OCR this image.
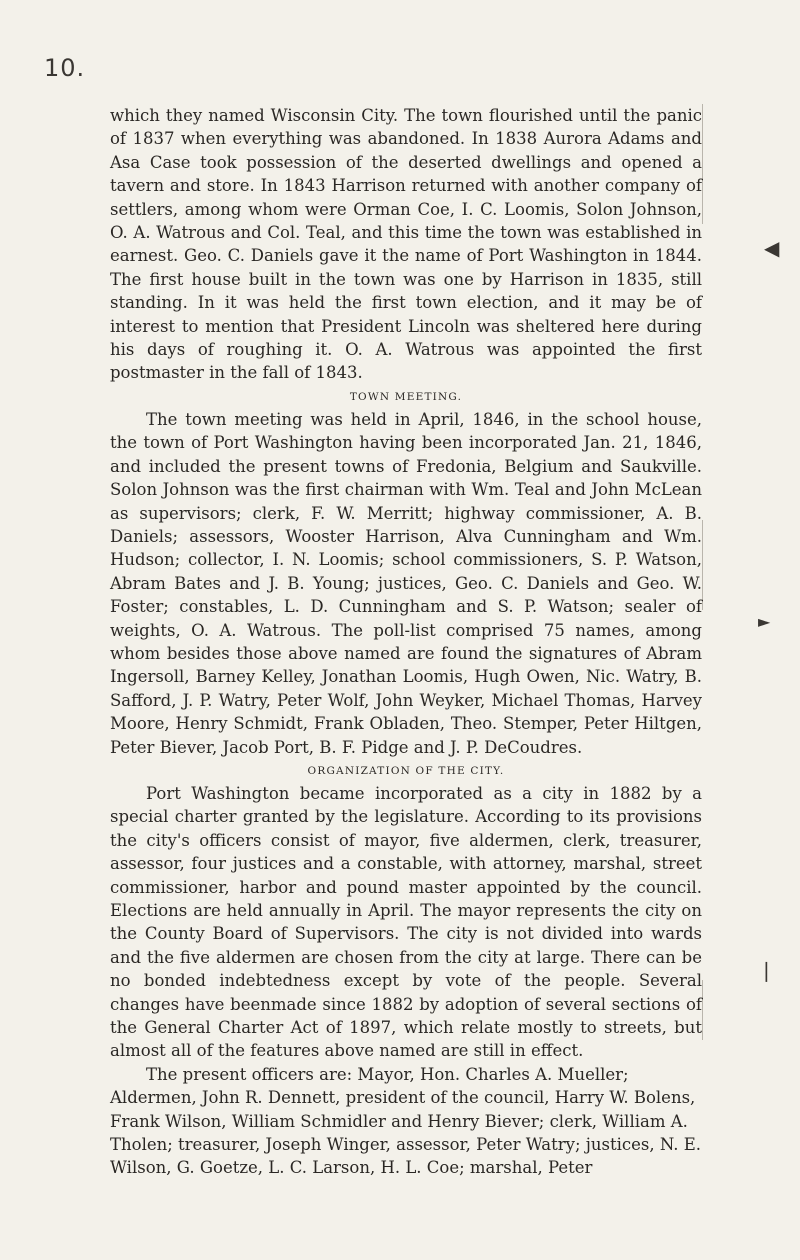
10.
◀
►
❘

which they named Wisconsin City. The town flourished until the panic of 1837 when everything was abandoned. In 1838 Aurora Adams and Asa Case took possession of the deserted dwellings and opened a tavern and store. In 1843 Harrison returned with another company of settlers, among whom were Orman Coe, I. C. Loomis, Solon Johnson, O. A. Watrous and Col. Teal, and this time the town was established in earnest. Geo. C. Daniels gave it the name of Port Washington in 1844. The first house built in the town was one by Harrison in 1835, still standing. In it was held the first town election, and it may be of interest to mention that President Lincoln was sheltered here during his days of roughing it. O. A. Watrous was appointed the first postmaster in the fall of 1843.

TOWN MEETING.

The town meeting was held in April, 1846, in the school house, the town of Port Washington having been incorporated Jan. 21, 1846, and included the present towns of Fredonia, Belgium and Saukville. Solon Johnson was the first chairman with Wm. Teal and John McLean as supervisors; clerk, F. W. Merritt; highway commissioner, A. B. Daniels; assessors, Wooster Harrison, Alva Cunningham and Wm. Hudson; collector, I. N. Loomis; school commissioners, S. P. Watson, Abram Bates and J. B. Young; justices, Geo. C. Daniels and Geo. W. Foster; constables, L. D. Cunningham and S. P. Watson; sealer of weights, O. A. Watrous. The poll-list comprised 75 names, among whom besides those above named are found the signatures of Abram Ingersoll, Barney Kelley, Jonathan Loomis, Hugh Owen, Nic. Watry, B. Safford, J. P. Watry, Peter Wolf, John Weyker, Michael Thomas, Harvey Moore, Henry Schmidt, Frank Obladen, Theo. Stemper, Peter Hiltgen, Peter Biever, Jacob Port, B. F. Pidge and J. P. DeCoudres.

ORGANIZATION OF THE CITY.

Port Washington became incorporated as a city in 1882 by a special charter granted by the legislature. According to its provisions the city's officers consist of mayor, five aldermen, clerk, treasurer, assessor, four justices and a constable, with attorney, marshal, street commissioner, harbor and pound master appointed by the council. Elections are held annually in April. The mayor represents the city on the County Board of Supervisors. The city is not divided into wards and the five aldermen are chosen from the city at large. There can be no bonded indebtedness except by vote of the people. Several changes have beenmade since 1882 by adoption of several sections of the General Charter Act of 1897, which relate mostly to streets, but almost all of the features above named are still in effect.

The present officers are: Mayor, Hon. Charles A. Mueller; Aldermen, John R. Dennett, president of the council, Harry W. Bolens, Frank Wilson, William Schmidler and Henry Biever; clerk, William A. Tholen; treasurer, Joseph Winger, assessor, Peter Watry; justices, N. E. Wilson, G. Goetze, L. C. Larson, H. L. Coe; marshal, Peter
